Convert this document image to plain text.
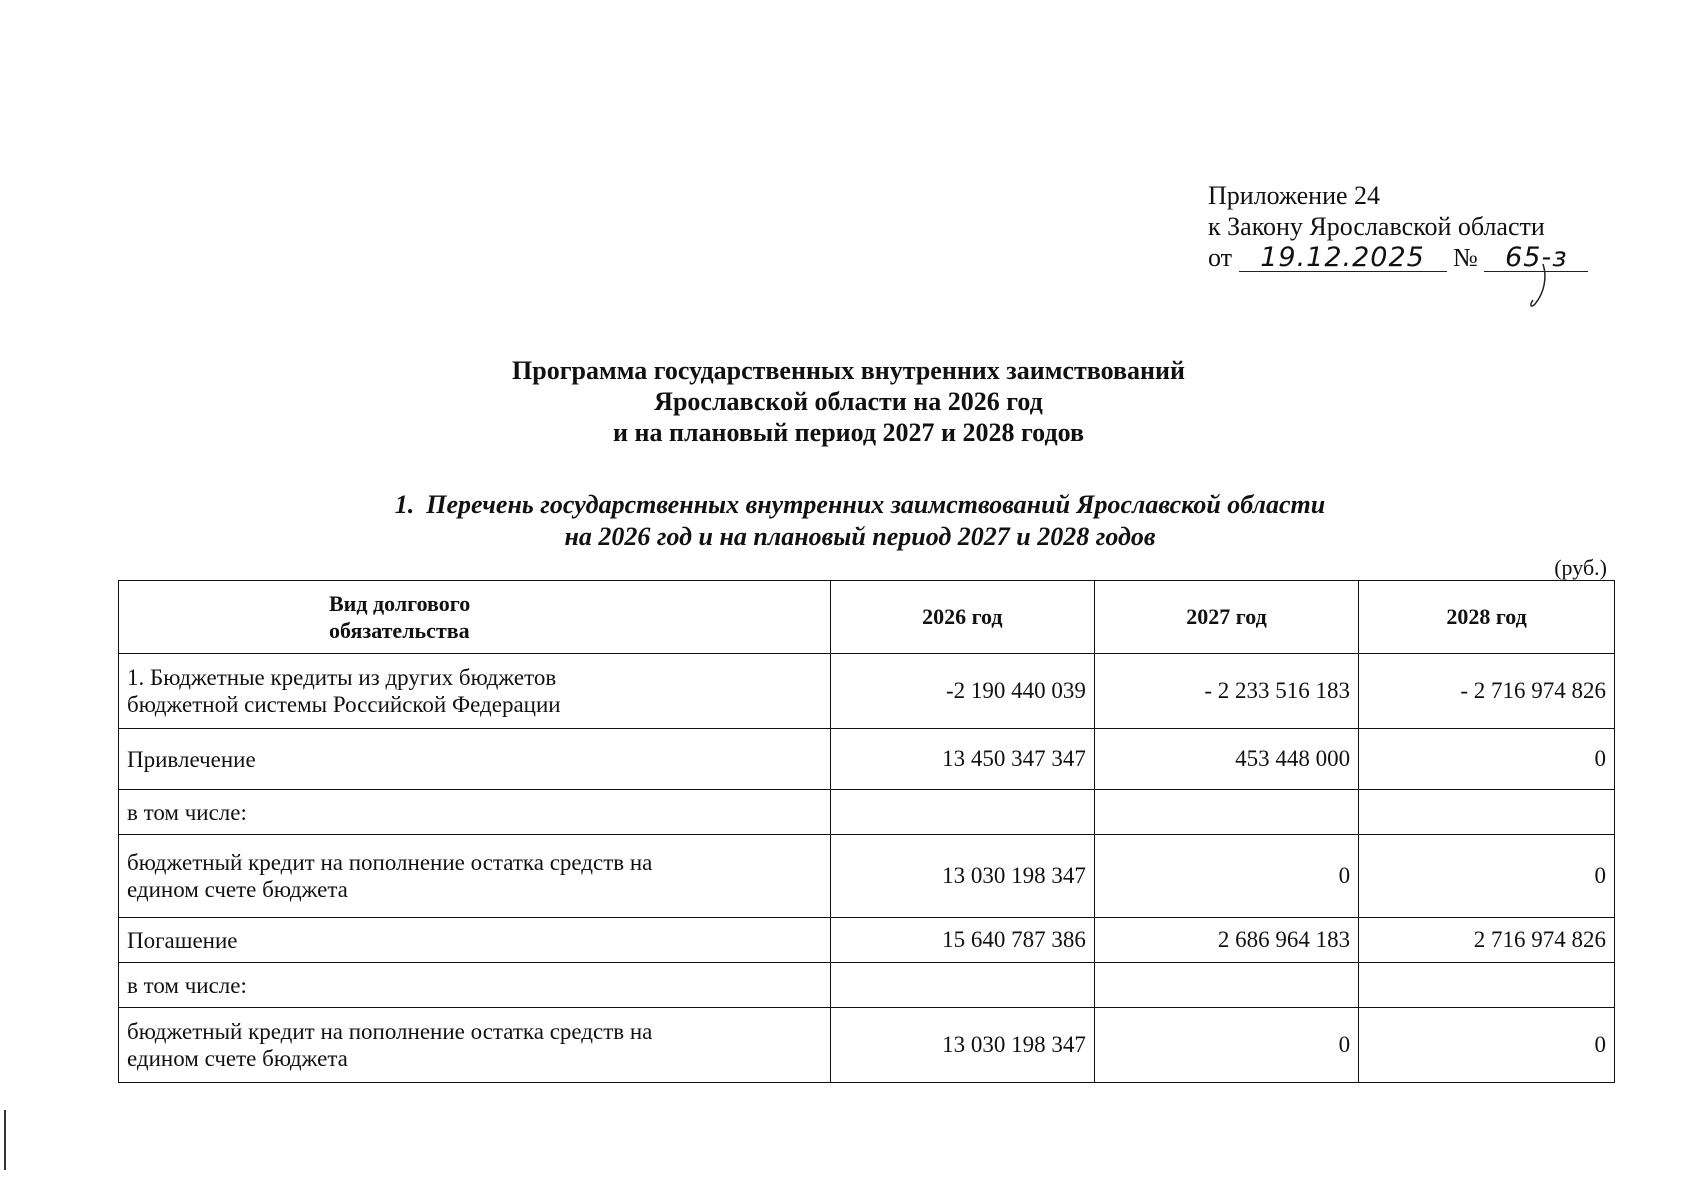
Приложение 24
к Закону Ярославской области
от 19.12.2025 № 65-з
Программа государственных внутренних заимствований
Ярославской области на 2026 год
и на плановый период 2027 и 2028 годов
1. Перечень государственных внутренних заимствований Ярославской области
на 2026 год и на плановый период 2027 и 2028 годов
(руб.)
Вид долгового
обязательства	2026 год	2027 год	2028 год

1. Бюджетные кредиты из других бюджетов
бюджетной системы Российской Федерации	-2 190 440 039	- 2 233 516 183	- 2 716 974 826
Привлечение	13 450 347 347	453 448 000	0
в том числе:			

бюджетный кредит на пополнение остатка средств на
едином счете бюджета	13 030 198 347	0	0
Погашение	15 640 787 386	2 686 964 183	2 716 974 826
в том числе:			

бюджетный кредит на пополнение остатка средств на
едином счете бюджета	13 030 198 347	0	0
